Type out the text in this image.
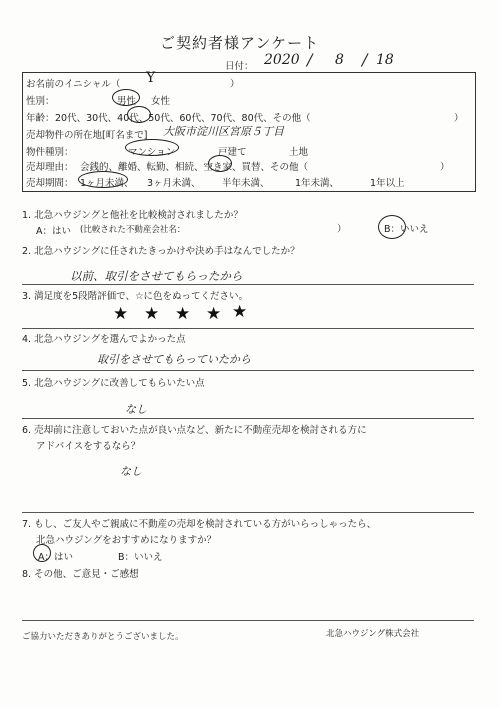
ご契約者様アンケート
日付： 2020 / 8 / 18
お名前のイニシャル（ Y	）
性別：	男性 女性
年齢： 20代、30代、40代、50代、60代、70代、80代、その他（	）
売却物件の所在地[町名まで] 大阪市淀川区宮原５丁目
物件種別：	マンション	戸建て	土地
売却理由： 会銭的、離婚、転勤、相続、空き家、買替、その他（	）
売却期間： 1ヶ月未満、 3ヶ月未満、 半年未満、	1年未満、	1年以上
1. 北急ハウジングと他社を比較検討されましたか？
A：はい (比較された不動産会社名：	）	B：いいえ
2. 北急ハウジングに任されたきっかけや決め手はなんでしたか？
以前、取引をさせてもらったから
3. 満足度を5段階評価で、☆に色をぬってください。
★ ★ ★ ★ ★
4. 北急ハウジングを選んでよかった点
取引をさせてもらっていたから
5. 北急ハウジングに改善してもらいたい点
なし
6. 売却前に注意しておいた点が良い点など、新たに不動産売却を検討される方に
アドバイスをするなら？
なし
7. もし、ご友人やご親戚に不動産の売却を検討されている方がいらっしゃったら、
北急ハウジングをおすすめになりますか？
A：はい	B：いいえ
8. その他、ご意見・ご感想
ご協力いただきありがとうございました。	北急ハウジング株式会社
